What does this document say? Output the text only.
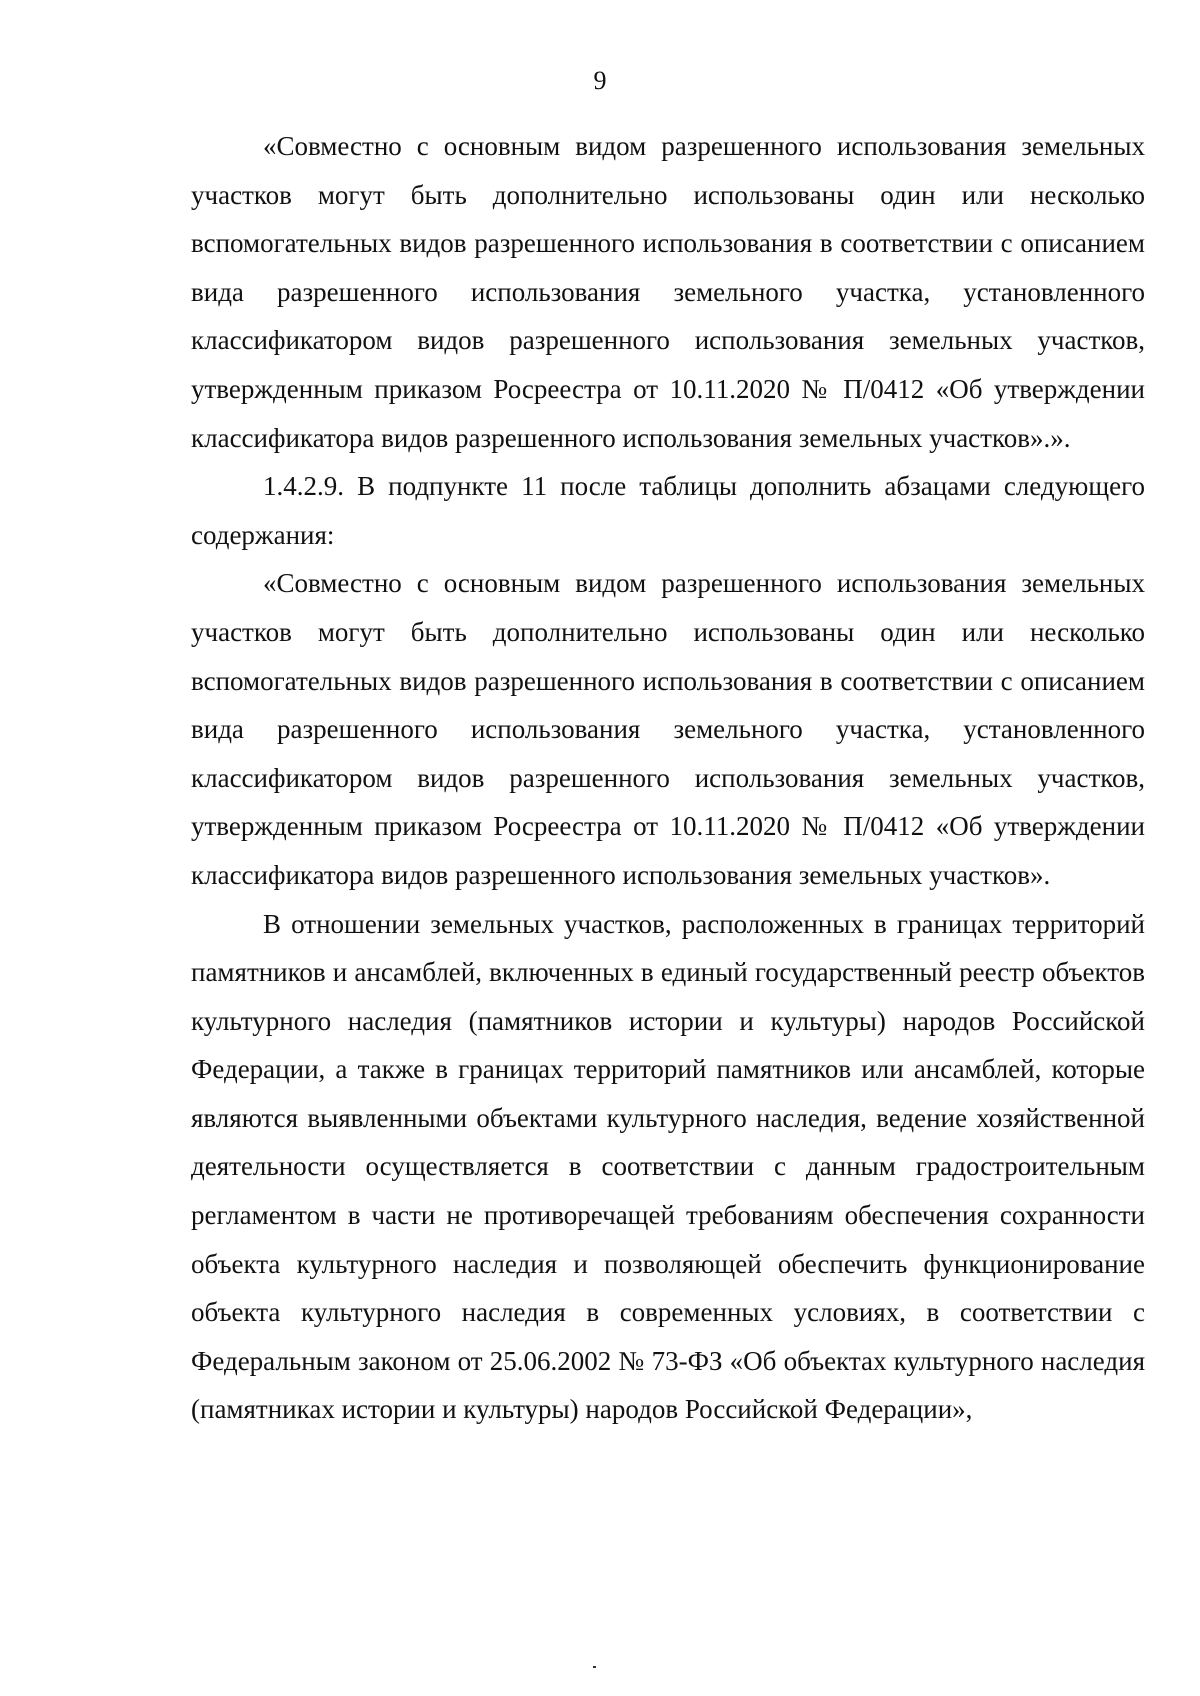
9

«Совместно с основным видом разрешенного использования земельных участков могут быть дополнительно использованы один или несколько вспомогательных видов разрешенного использования в соответствии с описанием вида разрешенного использования земельного участка, установленного классификатором видов разрешенного использования земельных участков, утвержденным приказом Росреестра от 10.11.2020 № П/0412 «Об утверждении классификатора видов разрешенного использования земельных участков».».

1.4.2.9. В подпункте 11 после таблицы дополнить абзацами следующего содержания:

«Совместно с основным видом разрешенного использования земельных участков могут быть дополнительно использованы один или несколько вспомогательных видов разрешенного использования в соответствии с описанием вида разрешенного использования земельного участка, установленного классификатором видов разрешенного использования земельных участков, утвержденным приказом Росреестра от 10.11.2020 № П/0412 «Об утверждении классификатора видов разрешенного использования земельных участков».

В отношении земельных участков, расположенных в границах территорий памятников и ансамблей, включенных в единый государственный реестр объектов культурного наследия (памятников истории и культуры) народов Российской Федерации, а также в границах территорий памятников или ансамблей, которые являются выявленными объектами культурного наследия, ведение хозяйственной деятельности осуществляется в соответствии с данным градостроительным регламентом в части не противоречащей требованиям обеспечения сохранности объекта культурного наследия и позволяющей обеспечить функционирование объекта культурного наследия в современных условиях, в соответствии с Федеральным законом от 25.06.2002 № 73-ФЗ «Об объектах культурного наследия (памятниках истории и культуры) народов Российской Федерации»,
